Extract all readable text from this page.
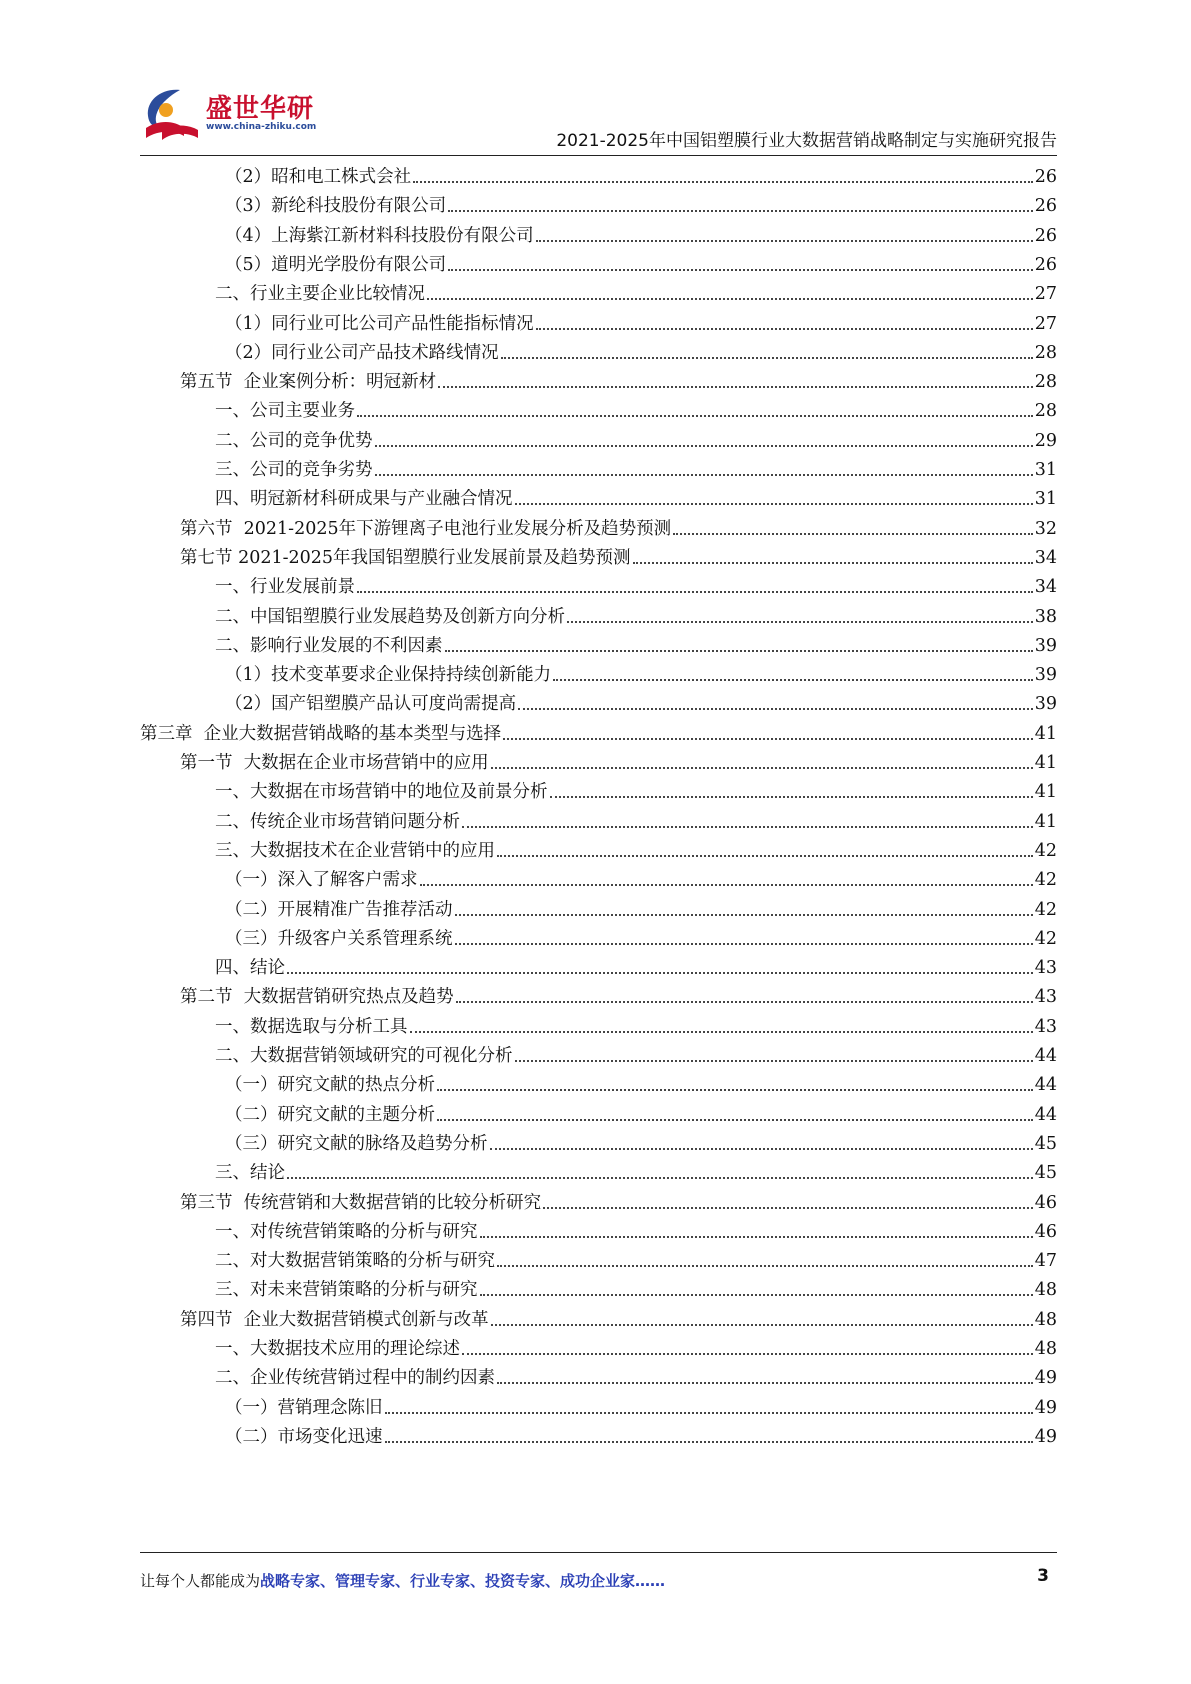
盛世华研
www.china-zhiku.com
2021-2025年中国铝塑膜行业大数据营销战略制定与实施研究报告
（2）昭和电工株式会社	26
（3）新纶科技股份有限公司	26
（4）上海紫江新材料科技股份有限公司	26
（5）道明光学股份有限公司	26
二、行业主要企业比较情况	27
（1）同行业可比公司产品性能指标情况	27
（2）同行业公司产品技术路线情况	28
第五节  企业案例分析：明冠新材	28
一、公司主要业务	28
二、公司的竞争优势	29
三、公司的竞争劣势	31
四、明冠新材科研成果与产业融合情况	31
第六节  2021-2025年下游锂离子电池行业发展分析及趋势预测	32
第七节 2021-2025年我国铝塑膜行业发展前景及趋势预测	34
一、行业发展前景	34
二、中国铝塑膜行业发展趋势及创新方向分析	38
二、影响行业发展的不利因素	39
（1）技术变革要求企业保持持续创新能力	39
（2）国产铝塑膜产品认可度尚需提高	39
第三章  企业大数据营销战略的基本类型与选择	41
第一节  大数据在企业市场营销中的应用	41
一、大数据在市场营销中的地位及前景分析	41
二、传统企业市场营销问题分析	41
三、大数据技术在企业营销中的应用	42
（一）深入了解客户需求	42
（二）开展精准广告推荐活动	42
（三）升级客户关系管理系统	42
四、结论	43
第二节  大数据营销研究热点及趋势	43
一、数据选取与分析工具	43
二、大数据营销领域研究的可视化分析	44
（一）研究文献的热点分析	44
（二）研究文献的主题分析	44
（三）研究文献的脉络及趋势分析	45
三、结论	45
第三节  传统营销和大数据营销的比较分析研究	46
一、对传统营销策略的分析与研究	46
二、对大数据营销策略的分析与研究	47
三、对未来营销策略的分析与研究	48
第四节  企业大数据营销模式创新与改革	48
一、大数据技术应用的理论综述	48
二、企业传统营销过程中的制约因素	49
（一）营销理念陈旧	49
（二）市场变化迅速	49
让每个人都能成为战略专家、管理专家、行业专家、投资专家、成功企业家……	3
